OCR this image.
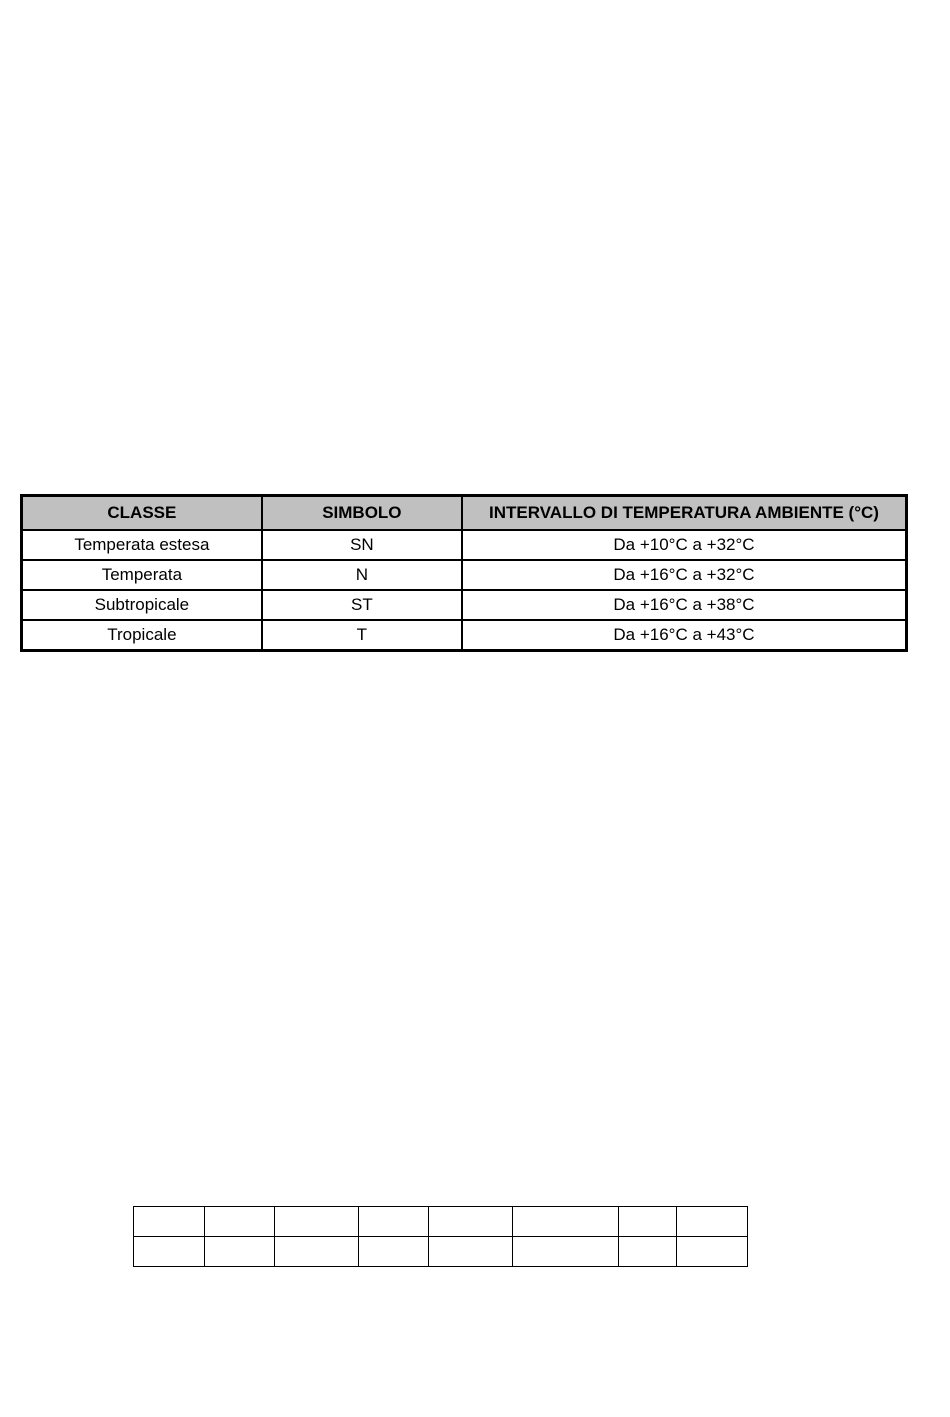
CLASSE	SIMBOLO	INTERVALLO DI TEMPERATURA AMBIENTE (°C)
Temperata estesa	SN	Da +10°C a +32°C
Temperata	N	Da +16°C a +32°C
Subtropicale	ST	Da +16°C a +38°C
Tropicale	T	Da +16°C a +43°C
